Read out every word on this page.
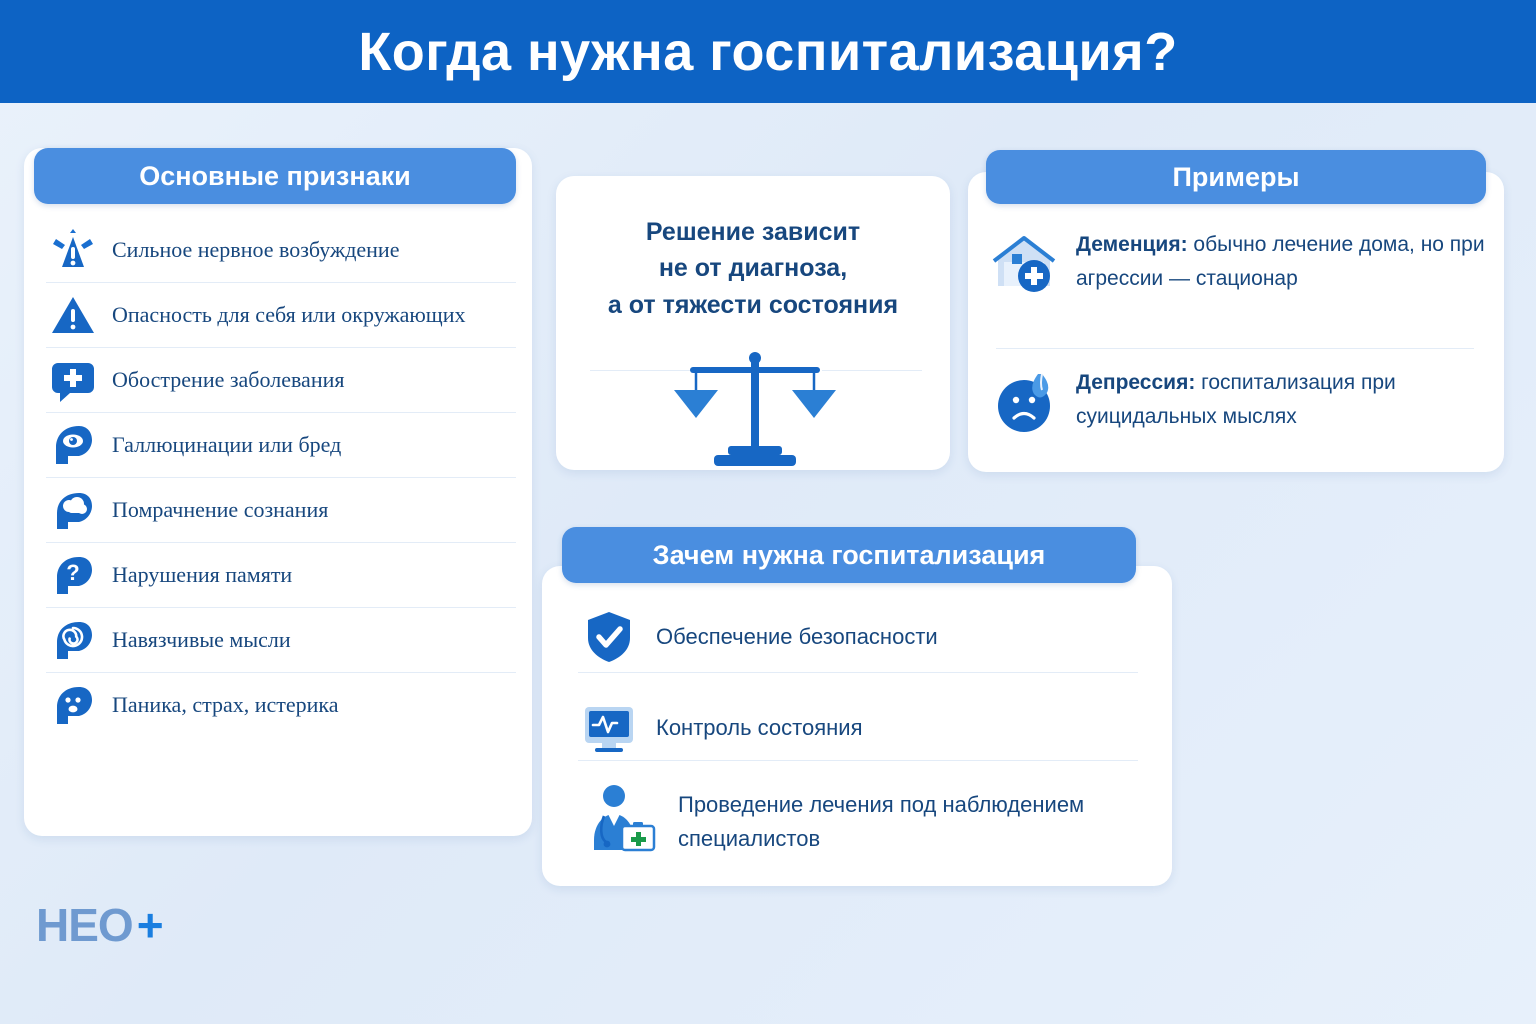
Когда нужна госпитализация?
Основные признаки
Сильное нервное возбуждение
Опасность для себя или окружающих
Обострение заболевания
Галлюцинации или бред
Помрачнение сознания
? Нарушения памяти
Навязчивые мысли
Паника, страх, истерика
Решение зависит
не от диагноза,
а от тяжести состояния
Примеры
Деменция: обычно лечение дома, но при агрессии — стационар
Депрессия: госпитализация при суицидальных мыслях
Зачем нужна госпитализация
Обеспечение безопасности
Контроль состояния
Проведение лечения под наблюдением специалистов
HEO +
